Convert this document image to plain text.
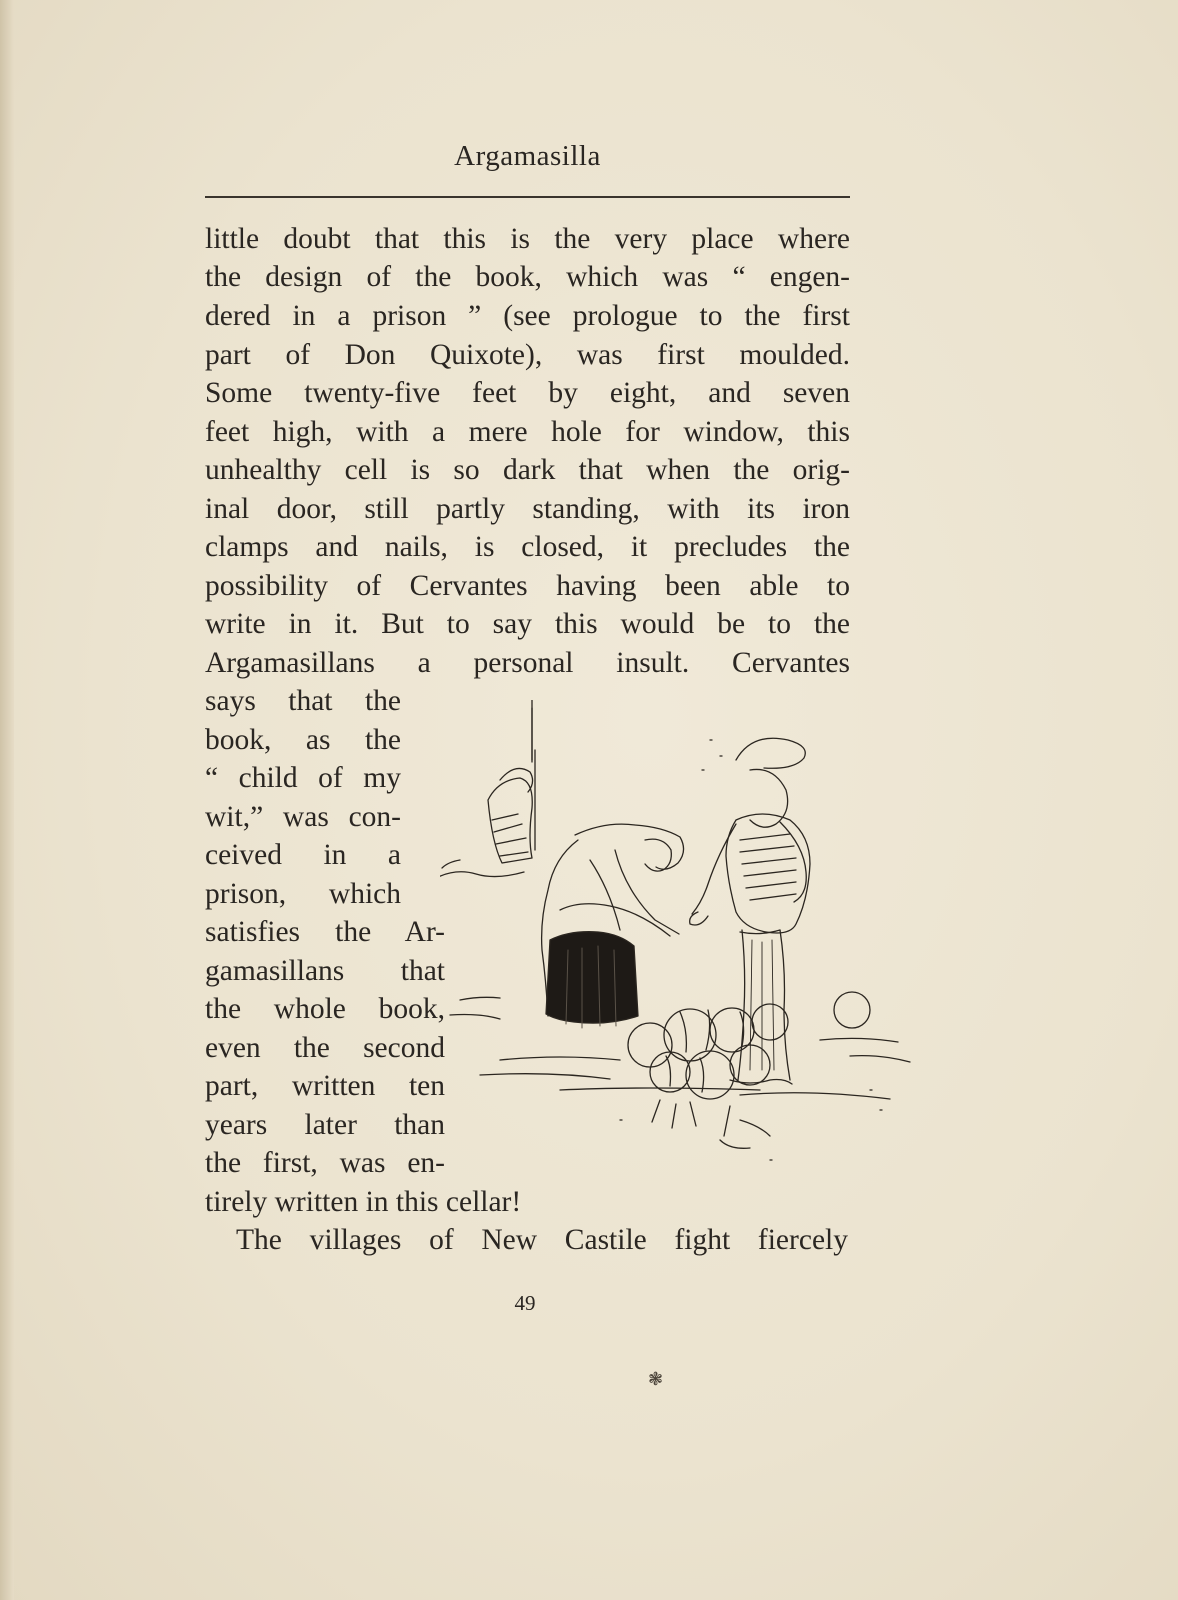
Argamasilla
little doubt that this is the very place where
the design of the book, which was “ engen-
dered in a prison ” (see prologue to the first
part of Don Quixote), was first moulded.
Some twenty-five feet by eight, and seven
feet high, with a mere hole for window, this
unhealthy cell is so dark that when the orig-
inal door, still partly standing, with its iron
clamps and nails, is closed, it precludes the
possibility of Cervantes having been able to
write in it. But to say this would be to the
Argamasillans a personal insult. Cervantes
says that the
book, as the
“ child of my
wit,” was con-
ceived in a
prison, which
satisfies the Ar-
gamasillans that
the whole book,
even the second
part, written ten
years later than
the first, was en-
tirely written in this cellar!
The villages of New Castile fight fiercely
49
❃
